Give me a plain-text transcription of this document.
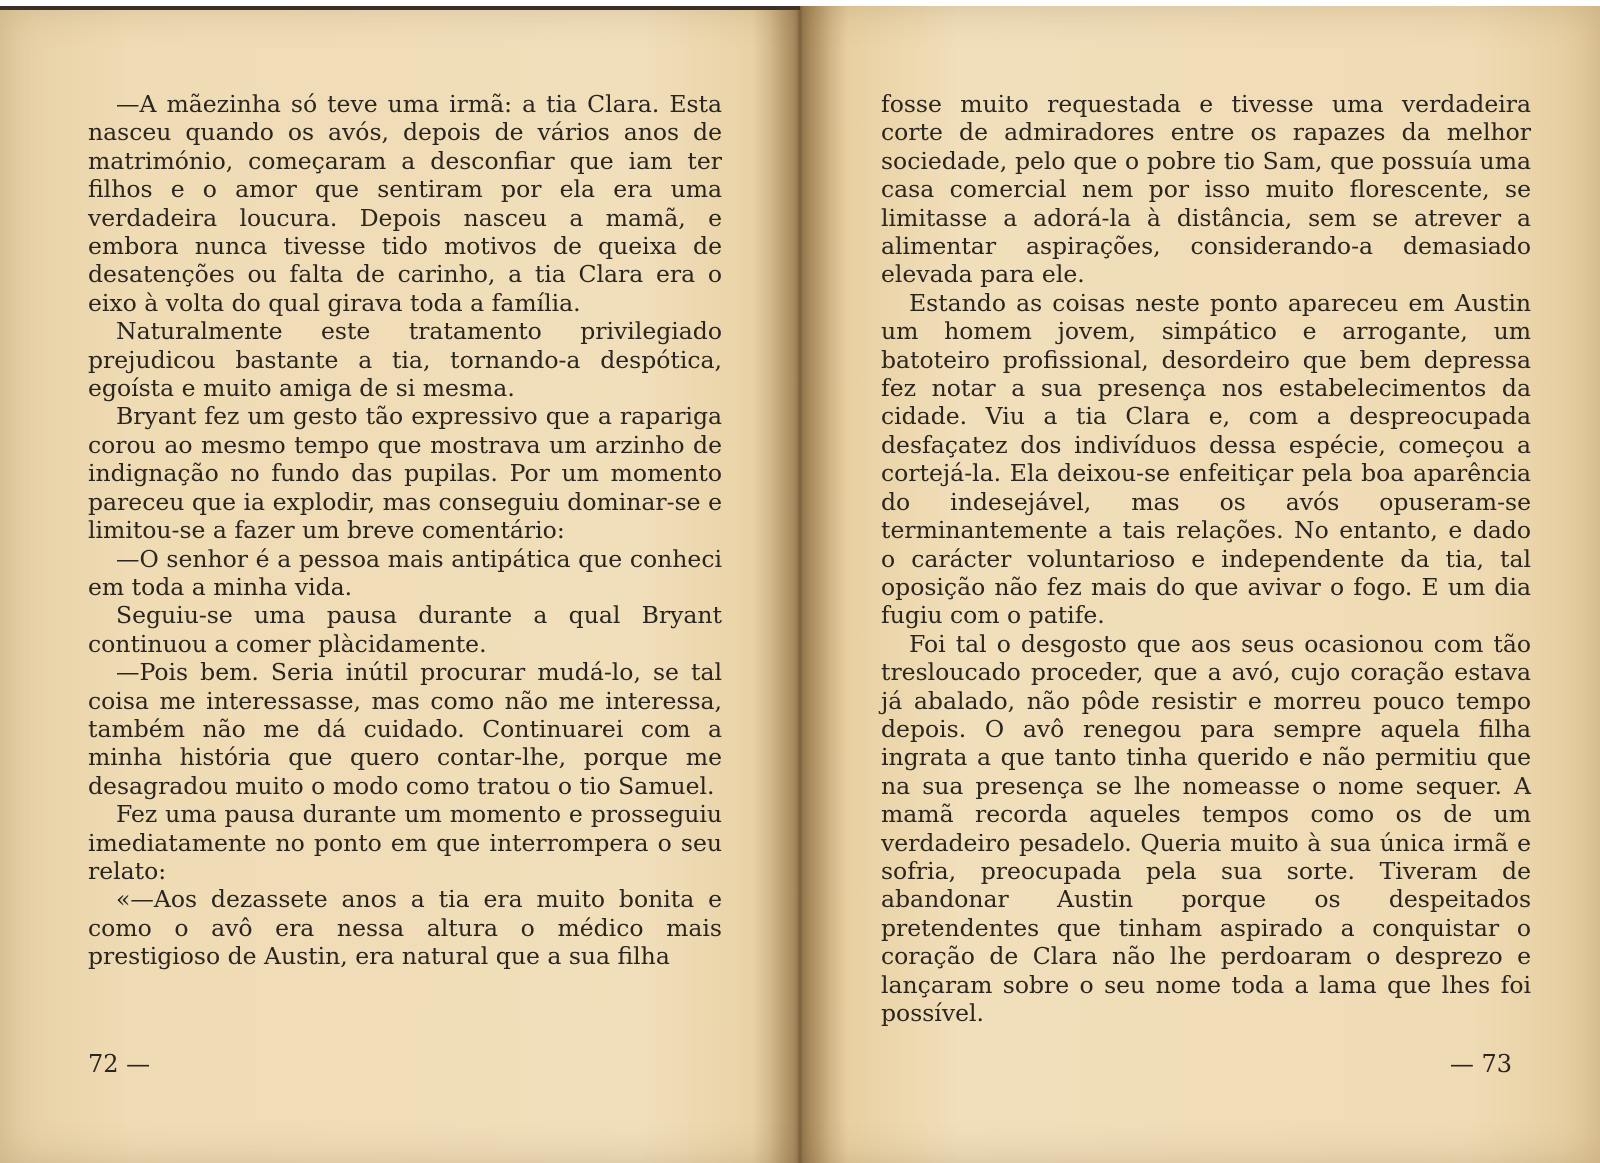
—A mãezinha só teve uma irmã: a tia Clara. Esta nasceu quando os avós, depois de vários anos de matrimónio, começaram a desconfiar que iam ter filhos e o amor que sentiram por ela era uma verdadeira loucura. Depois nasceu a mamã, e embora nunca tivesse tido motivos de queixa de desatenções ou falta de carinho, a tia Clara era o eixo à volta do qual girava toda a família.

Naturalmente este tratamento privilegiado prejudicou bastante a tia, tornando-a despótica, egoísta e muito amiga de si mesma.

Bryant fez um gesto tão expressivo que a rapariga corou ao mesmo tempo que mostrava um arzinho de indignação no fundo das pupilas. Por um momento pareceu que ia explodir, mas conseguiu dominar-se e limitou-se a fazer um breve comentário:

—O senhor é a pessoa mais antipática que conheci em toda a minha vida.

Seguiu-se uma pausa durante a qual Bryant continuou a comer plàcidamente.

—Pois bem. Seria inútil procurar mudá-lo, se tal coisa me interessasse, mas como não me interessa, também não me dá cuidado. Continuarei com a minha história que quero contar-lhe, porque me desagradou muito o modo como tratou o tio Samuel.

Fez uma pausa durante um momento e prosseguiu imediatamente no ponto em que interrompera o seu relato:

«—Aos dezassete anos a tia era muito bonita e como o avô era nessa altura o médico mais prestigioso de Austin, era natural que a sua filha

72 —

fosse muito requestada e tivesse uma verdadeira corte de admiradores entre os rapazes da melhor sociedade, pelo que o pobre tio Sam, que possuía uma casa comercial nem por isso muito florescente, se limitasse a adorá-la à distância, sem se atrever a alimentar aspirações, considerando-a demasiado elevada para ele.

Estando as coisas neste ponto apareceu em Austin um homem jovem, simpático e arrogante, um batoteiro profissional, desordeiro que bem depressa fez notar a sua presença nos estabelecimentos da cidade. Viu a tia Clara e, com a despreocupada desfaçatez dos indivíduos dessa espécie, começou a cortejá-la. Ela deixou-se enfeitiçar pela boa aparência do indesejável, mas os avós opuseram-se terminantemente a tais relações. No entanto, e dado o carácter voluntarioso e independente da tia, tal oposição não fez mais do que avivar o fogo. E um dia fugiu com o patife.

Foi tal o desgosto que aos seus ocasionou com tão tresloucado proceder, que a avó, cujo coração estava já abalado, não pôde resistir e morreu pouco tempo depois. O avô renegou para sempre aquela filha ingrata a que tanto tinha querido e não permitiu que na sua presença se lhe nomeasse o nome sequer. A mamã recorda aqueles tempos como os de um verdadeiro pesadelo. Queria muito à sua única irmã e sofria, preocupada pela sua sorte. Tiveram de abandonar Austin porque os despeitados pretendentes que tinham aspirado a conquistar o coração de Clara não lhe perdoaram o desprezo e lançaram sobre o seu nome toda a lama que lhes foi possível.

— 73
